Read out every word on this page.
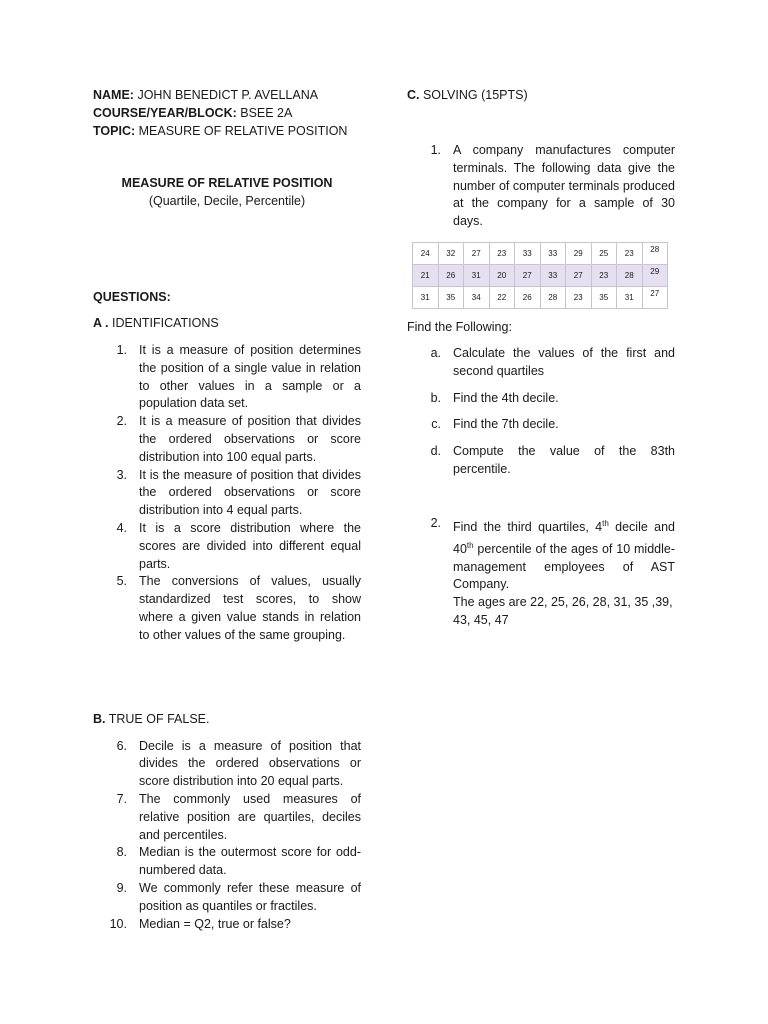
NAME: JOHN BENEDICT P. AVELLANA

COURSE/YEAR/BLOCK: BSEE 2A

TOPIC: MEASURE OF RELATIVE POSITION

MEASURE OF RELATIVE POSITION

(Quartile, Decile, Percentile)

QUESTIONS:

A . IDENTIFICATIONS

1. It is a measure of position determines the position of a single value in relation to other values in a sample or a population data set.
2. It is a measure of position that divides the ordered observations or score distribution into 100 equal parts.
3. It is the measure of position that divides the ordered observations or score distribution into 4 equal parts.
4. It is a score distribution where the scores are divided into different equal parts.
5. The conversions of values, usually standardized test scores, to show where a given value stands in relation to other values of the same grouping.

B. TRUE OF FALSE.

6. Decile is a measure of position that divides the ordered observations or score distribution into 20 equal parts.
7. The commonly used measures of relative position are quartiles, deciles and percentiles.
8. Median is the outermost score for odd-numbered data.
9. We commonly refer these measure of position as quantiles or fractiles.
10. Median = Q2, true or false?

C. SOLVING (15PTS)

1. A company manufactures computer terminals. The following data give the number of computer terminals produced at the company for a sample of 30 days.
24	32	27	23	33	33	29	25	23	28
21	26	31	20	27	33	27	23	28	29
31	35	34	22	26	28	23	35	31	27

Find the Following:

a. Calculate the values of the first and second quartiles
b. Find the 4th decile.
c. Find the 7th decile.
d. Compute the value of the 83th percentile.
2. Find the third quartiles, 4th decile and 40th percentile of the ages of 10 middle-management employees of AST Company.

The ages are 22, 25, 26, 28, 31, 35 ,39, 43, 45, 47
